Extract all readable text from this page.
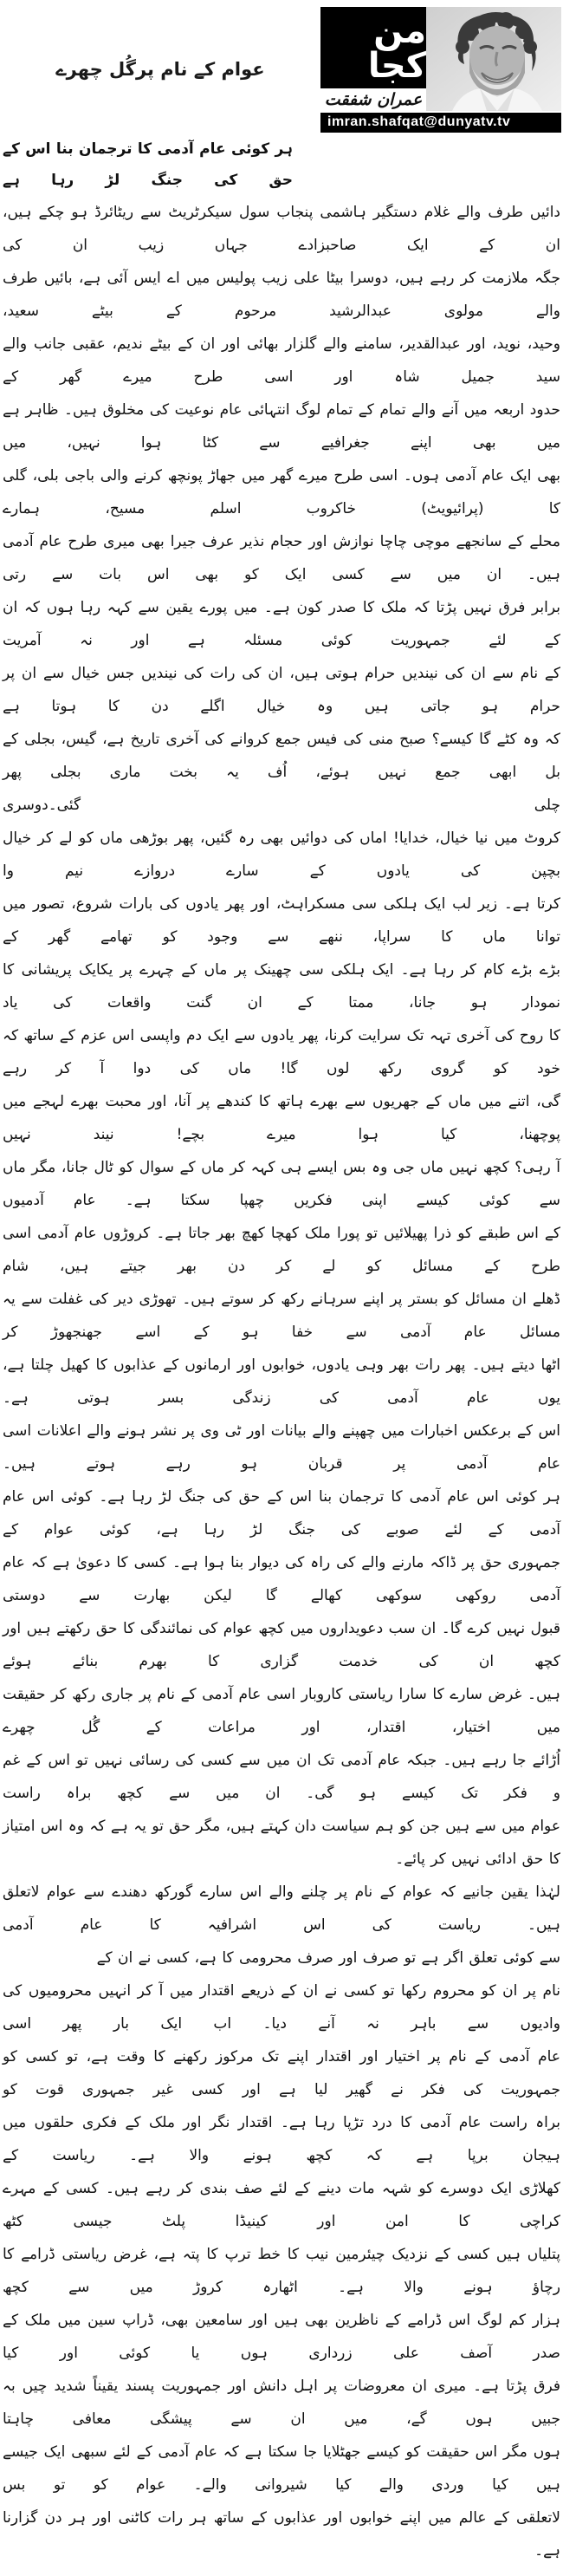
عوام کے نام پرگُل چھرے
من کجا
عمران شفقت
imran.shafqat@dunyatv.tv
ہر کوئی عام آدمی کا ترجمان بنا اس کے حق کی جنگ لڑ رہا ہے
دائیں طرف والے غلام دستگیر ہاشمی پنجاب سول سیکرٹریٹ سے ریٹائرڈ ہو چکے ہیں، ان کے ایک صاحبزادے جہاں زیب ان کی
جگہ ملازمت کر رہے ہیں، دوسرا بیٹا علی زیب پولیس میں اے ایس آئی ہے، بائیں طرف والے مولوی عبدالرشید مرحوم کے بیٹے سعید،
وحید، نوید، اور عبدالقدیر، سامنے والے گلزار بھائی اور ان کے بیٹے ندیم، عقبی جانب والے سید جمیل شاہ اور اسی طرح میرے گھر کے
حدود اربعہ میں آنے والے تمام کے تمام لوگ انتہائی عام نوعیت کی مخلوق ہیں۔ ظاہر ہے میں بھی اپنے جغرافیے سے کٹا ہوا نہیں، میں
بھی ایک عام آدمی ہوں۔ اسی طرح میرے گھر میں جھاڑ پونچھ کرنے والی باجی بلی، گلی کا (پرائیویٹ) خاکروب اسلم مسیح، ہمارے
محلے کے سانجھے موچی چاچا نوازش اور حجام نذیر عرف جیرا بھی میری طرح عام آدمی ہیں۔ ان میں سے کسی ایک کو بھی اس بات سے رتی
برابر فرق نہیں پڑتا کہ ملک کا صدر کون ہے۔ میں پورے یقین سے کہہ رہا ہوں کہ ان کے لئے جمہوریت کوئی مسئلہ ہے اور نہ آمریت
کے نام سے ان کی نیندیں حرام ہوتی ہیں، ان کی رات کی نیندیں جس خیال سے ان پر حرام ہو جاتی ہیں وہ خیال اگلے دن کا ہوتا ہے
کہ وہ کٹے گا کیسے؟ صبح منی کی فیس جمع کروانے کی آخری تاریخ ہے، گیس، بجلی کے بل ابھی جمع نہیں ہوئے، اُف یہ بخت ماری بجلی پھر
چلی
گئی۔دوسری
کروٹ میں نیا خیال، خدایا! اماں کی دوائیں بھی رہ گئیں، پھر بوڑھی ماں کو لے کر خیال بچپن کی یادوں کے سارے دروازے نیم وا
کرتا ہے۔ زیر لب ایک ہلکی سی مسکراہٹ، اور پھر یادوں کی بارات شروع، تصور میں توانا ماں کا سراپا، ننھے سے وجود کو تھامے گھر کے
بڑے بڑے کام کر رہا ہے۔ ایک ہلکی سی چھینک پر ماں کے چہرے پر یکایک پریشانی کا نمودار ہو جانا، ممتا کے ان گنت واقعات کی یاد
کا روح کی آخری تہہ تک سرایت کرنا، پھر یادوں سے ایک دم واپسی اس عزم کے ساتھ کہ خود کو گروی رکھ لوں گا! ماں کی دوا آ کر رہے
گی، اتنے میں ماں کے جھریوں سے بھرے ہاتھ کا کندھے پر آنا، اور محبت بھرے لہجے میں پوچھنا، کیا ہوا میرے بچے! نیند نہیں
آ رہی؟ کچھ نہیں ماں جی وہ بس ایسے ہی کہہ کر ماں کے سوال کو ٹال جانا، مگر ماں سے کوئی کیسے اپنی فکریں چھپا سکتا ہے۔ عام آدمیوں
کے اس طبقے کو ذرا پھیلائیں تو پورا ملک کھچا کھچ بھر جاتا ہے۔ کروڑوں عام آدمی اسی طرح کے مسائل کو لے کر دن بھر جیتے ہیں، شام
ڈھلے ان مسائل کو بستر پر اپنے سرہانے رکھ کر سوتے ہیں۔ تھوڑی دیر کی غفلت سے یہ مسائل عام آدمی سے خفا ہو کے اسے جھنجھوڑ کر
اٹھا دیتے ہیں۔ پھر رات بھر وہی یادوں، خوابوں اور ارمانوں کے عذابوں کا کھیل چلتا ہے، یوں عام آدمی کی زندگی بسر ہوتی ہے۔
اس کے برعکس اخبارات میں چھپنے والے بیانات اور ٹی وی پر نشر ہونے والے اعلانات اسی عام آدمی پر قربان ہو رہے ہوتے ہیں۔
ہر کوئی اس عام آدمی کا ترجمان بنا اس کے حق کی جنگ لڑ رہا ہے۔ کوئی اس عام آدمی کے لئے صوبے کی جنگ لڑ رہا ہے، کوئی عوام کے
جمہوری حق پر ڈاکہ مارنے والے کی راہ کی دیوار بنا ہوا ہے۔ کسی کا دعویٰ ہے کہ عام آدمی روکھی سوکھی کھالے گا لیکن بھارت سے دوستی
قبول نہیں کرے گا۔ ان سب دعویداروں میں کچھ عوام کی نمائندگی کا حق رکھتے ہیں اور کچھ ان کی خدمت گزاری کا بھرم بنائے ہوئے
ہیں۔ غرض سارے کا سارا ریاستی کاروبار اسی عام آدمی کے نام پر جاری رکھ کر حقیقت میں اختیار، اقتدار، اور مراعات کے گُل چھرے
اُڑائے جا رہے ہیں۔ جبکہ عام آدمی تک ان میں سے کسی کی رسائی نہیں تو اس کے غم و فکر تک کیسے ہو گی۔ ان میں سے کچھ براہ راست
عوام میں سے ہیں جن کو ہم سیاست دان کہتے ہیں، مگر حق تو یہ ہے کہ وہ اس امتیاز کا حق ادائی نہیں کر پائے۔
لہٰذا یقین جانیے کہ عوام کے نام پر چلنے والے اس سارے گورکھ دھندے سے عوام لاتعلق ہیں۔ ریاست کی اس اشرافیہ کا عام آدمی
سے کوئی تعلق اگر ہے تو صرف اور صرف محرومی کا ہے، کسی نے ان کے
نام پر ان کو محروم رکھا تو کسی نے ان کے ذریعے اقتدار میں آ کر انہیں محرومیوں کی وادیوں سے باہر نہ آنے دیا۔ اب ایک بار پھر اسی
عام آدمی کے نام پر اختیار اور اقتدار اپنے تک مرکوز رکھنے کا وقت ہے، تو کسی کو جمہوریت کی فکر نے گھیر لیا ہے اور کسی غیر جمہوری قوت کو
براہ راست عام آدمی کا درد تڑپا رہا ہے۔ اقتدار نگر اور ملک کے فکری حلقوں میں ہیجان برپا ہے کہ کچھ ہونے والا ہے۔ ریاست کے
کھلاڑی ایک دوسرے کو شہہ مات دینے کے لئے صف بندی کر رہے ہیں۔ کسی کے مہرے کراچی کا امن اور کینیڈا پلٹ جیسی کٹھ
پتلیاں ہیں کسی کے نزدیک چیئرمین نیب کا خط ترپ کا پتہ ہے، غرض ریاستی ڈرامے کا رچاؤ ہونے والا ہے۔ اٹھارہ کروڑ میں سے کچھ
ہزار کم لوگ اس ڈرامے کے ناظرین بھی ہیں اور سامعین بھی، ڈراپ سین میں ملک کے صدر آصف علی زرداری ہوں یا کوئی اور کیا
فرق پڑتا ہے۔ میری ان معروضات پر اہل دانش اور جمہوریت پسند یقیناً شدید چیں بہ جبیں ہوں گے، میں ان سے پیشگی معافی چاہتا
ہوں مگر اس حقیقت کو کیسے جھٹلایا جا سکتا ہے کہ عام آدمی کے لئے سبھی ایک جیسے ہیں کیا وردی والے کیا شیروانی والے۔ عوام کو تو بس
لاتعلقی کے عالم میں اپنے خوابوں اور عذابوں کے ساتھ ہر رات کاٹنی اور ہر دن گزارنا ہے۔
